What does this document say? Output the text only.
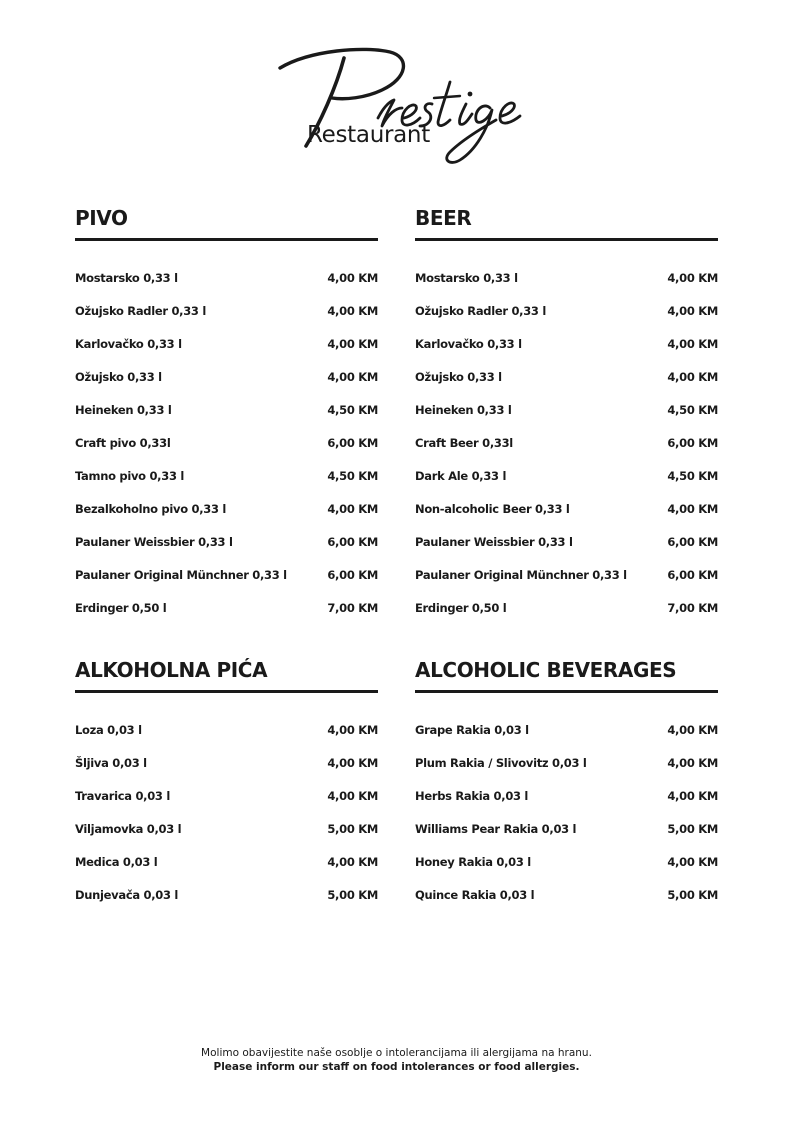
Restaurant
PIVO
Mostarsko 0,33 l	4,00 KM
Ožujsko Radler 0,33 l	4,00 KM
Karlovačko 0,33 l	4,00 KM
Ožujsko 0,33 l	4,00 KM
Heineken 0,33 l	4,50 KM
Craft pivo 0,33l	6,00 KM
Tamno pivo 0,33 l	4,50 KM
Bezalkoholno pivo 0,33 l	4,00 KM
Paulaner Weissbier 0,33 l	6,00 KM
Paulaner Original Münchner 0,33 l	6,00 KM
Erdinger 0,50 l	7,00 KM
BEER
Mostarsko 0,33 l	4,00 KM
Ožujsko Radler 0,33 l	4,00 KM
Karlovačko 0,33 l	4,00 KM
Ožujsko 0,33 l	4,00 KM
Heineken 0,33 l	4,50 KM
Craft Beer 0,33l	6,00 KM
Dark Ale 0,33 l	4,50 KM
Non-alcoholic Beer 0,33 l	4,00 KM
Paulaner Weissbier 0,33 l	6,00 KM
Paulaner Original Münchner 0,33 l	6,00 KM
Erdinger 0,50 l	7,00 KM
ALKOHOLNA PIĆA
Loza 0,03 l	4,00 KM
Šljiva 0,03 l	4,00 KM
Travarica 0,03 l	4,00 KM
Viljamovka 0,03 l	5,00 KM
Medica 0,03 l	4,00 KM
Dunjevača 0,03 l	5,00 KM
ALCOHOLIC BEVERAGES
Grape Rakia 0,03 l	4,00 KM
Plum Rakia / Slivovitz 0,03 l	4,00 KM
Herbs Rakia 0,03 l	4,00 KM
Williams Pear Rakia 0,03 l	5,00 KM
Honey Rakia 0,03 l	4,00 KM
Quince Rakia 0,03 l	5,00 KM
Molimo obavijestite naše osoblje o intolerancijama ili alergijama na hranu.
Please inform our staff on food intolerances or food allergies.
